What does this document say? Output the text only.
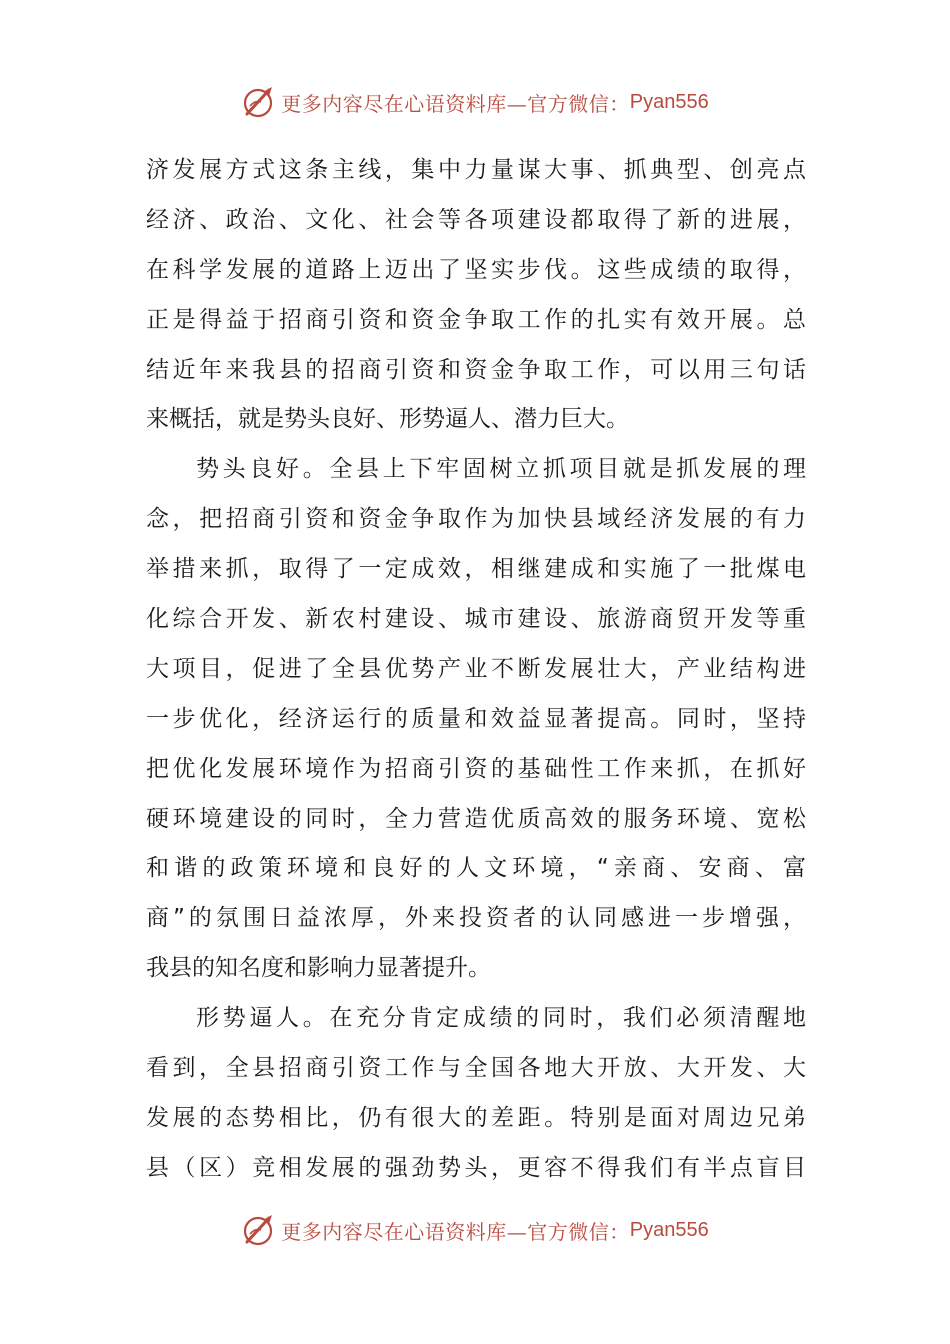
更多内容尽在心语资料库—官方微信： Pyan556
济发展方式这条主线，集中力量谋大事、抓典型、创亮点
经济、政治、文化、社会等各项建设都取得了新的进展，
在科学发展的道路上迈出了坚实步伐。这些成绩的取得，
正是得益于招商引资和资金争取工作的扎实有效开展。总
结近年来我县的招商引资和资金争取工作，可以用三句话
来概括，就是势头良好、形势逼人、潜力巨大。
势头良好。全县上下牢固树立抓项目就是抓发展的理
念，把招商引资和资金争取作为加快县域经济发展的有力
举措来抓，取得了一定成效，相继建成和实施了一批煤电
化综合开发、新农村建设、城市建设、旅游商贸开发等重
大项目，促进了全县优势产业不断发展壮大，产业结构进
一步优化，经济运行的质量和效益显著提高。同时，坚持
把优化发展环境作为招商引资的基础性工作来抓，在抓好
硬环境建设的同时，全力营造优质高效的服务环境、宽松
和谐的政策环境和良好的人文环境，“亲商、安商、富
商”的氛围日益浓厚，外来投资者的认同感进一步增强，
我县的知名度和影响力显著提升。
形势逼人。在充分肯定成绩的同时，我们必须清醒地
看到，全县招商引资工作与全国各地大开放、大开发、大
发展的态势相比，仍有很大的差距。特别是面对周边兄弟
县（区）竞相发展的强劲势头，更容不得我们有半点盲目
更多内容尽在心语资料库—官方微信： Pyan556
